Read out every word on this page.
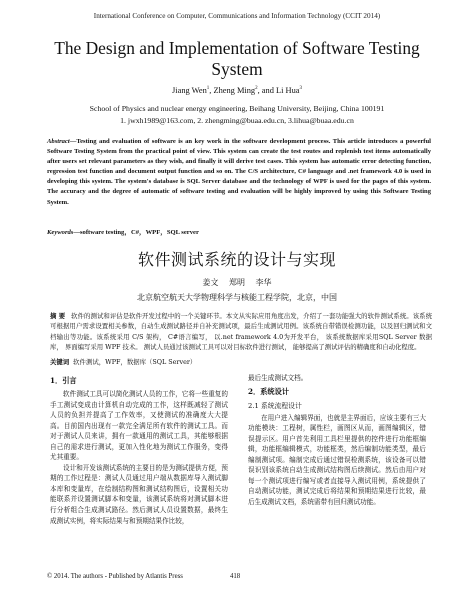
International Conference on Computer, Communications and Information Technology (CCIT 2014)
The Design and Implementation of Software Testing System
Jiang Wen$^1$, Zheng Ming$^2$, and Li Hua$^3$
School of Physics and nuclear energy engineering, Beihang University, Beijing, China 100191
1. jwxh1989@163.com, 2. zhengming@buaa.edu.cn, 3.lihua@buaa.edu.cn
Abstract—Testing and evaluation of software is an key work in the software development process. This article introduces a powerful Software Testing System from the practical point of view. This system can create the test routes and replenish test items automatically after users set relevant parameters as they wish, and finally it will derive test cases. This system has automatic error detecting function, regression test function and document output function and so on. The C/S architecture, C# language and .net framework 4.0 is used in developing this system. The system's database is SQL Server database and the technology of WPF is used for the pages of this system. The accuracy and the degree of automatic of software testing and evaluation will be highly improved by using this Software Testing System.
Keywords—software testing，C#，WPF，SQL server
软件测试系统的设计与实现
姜文 郑明 李华
北京航空航天大学物理科学与核能工程学院，北京，中国
摘 要 软件的测试和评估是软件开发过程中的一个关键环节。本文从实际应用角度出发，介绍了一套功能强大的软件测试系统。该系统可根据用户需求设置相关参数，自动生成测试路径并自补充测试项，最后生成测试用例。该系统自带错误检测功能，以及回归测试和文档输出等功能。该系统采用 C/S 架构， C#语言编写， 以.net framework 4.0为开发平台， 该系统数据库采用SQL Server 数据库， 界面编写采用 WPF 技术。 测试人员通过该测试工具可以对目标软件进行测试， 能够提高了测试评估的精确度和自动化程度。
关键词 软件测试，WPF，数据库（SQL Server）
1．引言
软件测试工具可以简化测试人员的工作，它将一些重复的手工测试变成由计算机自动完成的工作，这样既减轻了测试人员的负担并提高了工作效率，又使测试的准确度大大提高。目前国内出现有一款完全满足所有软件的测试工具。而对于测试人员来讲，拥有一款通用的测试工具，其能够根据自己的需求进行测试，更加入性化地为测试工作服务，变得尤其重要。
设计和开发该测试系统的主要目的是为测试提供方便，预期的工作过程是：测试人员通过用户端从数据库导入测试脚本库和变量库，在绘制结构图和测试结构图后，设置相关功能联系并设置测试脚本和变量，该测试系统将对测试脚本进行分析组合生成测试路径。然后测试人员设置数据，最终生成测试实例，将实际结果与和预期结果作比较，
最后生成测试文档。
2．系统设计
2.1 系统流程设计
在用户进入编辑界面，也就是主界面后，应该主要有三大功能模块：工程树，属性栏，画图区从而，画图编辑区，错误提示区。用户首先利用工具栏里提供的控件进行功能框编辑，功能框编辑模式，功能框类，然后编制功能类型，最后编制测试项。编制完成后通过错误检测系统，该设备可以错误识别该系统自动生成测试结构图后续测试。然后由用户对每一个测试项进行编写或者直接导入测试用例，系统提供了自动测试功能，测试完成后将结果和预期结果进行比较，最后生成测试文档，系统需带有回归测试功能。
© 2014. The authors - Published by Atlantis Press	418
